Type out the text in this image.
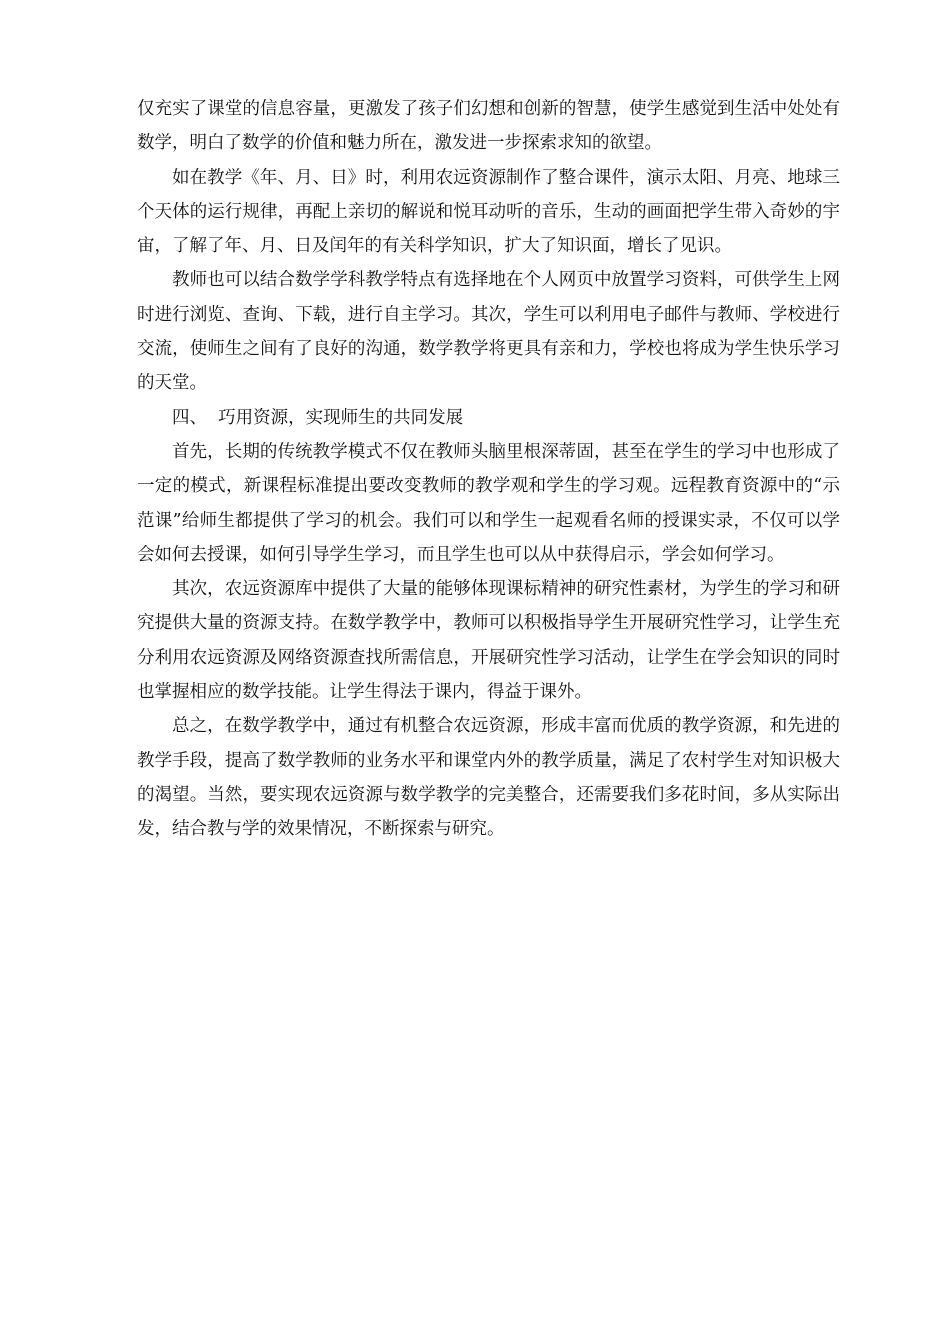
仅充实了课堂的信息容量，更激发了孩子们幻想和创新的智慧，使学生感觉到生活中处处有数学，明白了数学的价值和魅力所在，激发进一步探索求知的欲望。

如在教学《年、月、日》时，利用农远资源制作了整合课件，演示太阳、月亮、地球三个天体的运行规律，再配上亲切的解说和悦耳动听的音乐，生动的画面把学生带入奇妙的宇宙，了解了年、月、日及闰年的有关科学知识，扩大了知识面，增长了见识。

教师也可以结合数学学科教学特点有选择地在个人网页中放置学习资料，可供学生上网时进行浏览、查询、下载，进行自主学习。其次，学生可以利用电子邮件与教师、学校进行交流，使师生之间有了良好的沟通，数学教学将更具有亲和力，学校也将成为学生快乐学习的天堂。

四、  巧用资源，实现师生的共同发展

首先，长期的传统教学模式不仅在教师头脑里根深蒂固，甚至在学生的学习中也形成了一定的模式，新课程标准提出要改变教师的教学观和学生的学习观。远程教育资源中的“示范课”给师生都提供了学习的机会。我们可以和学生一起观看名师的授课实录，不仅可以学会如何去授课，如何引导学生学习，而且学生也可以从中获得启示，学会如何学习。

其次，农远资源库中提供了大量的能够体现课标精神的研究性素材，为学生的学习和研究提供大量的资源支持。在数学教学中，教师可以积极指导学生开展研究性学习，让学生充分利用农远资源及网络资源查找所需信息，开展研究性学习活动，让学生在学会知识的同时也掌握相应的数学技能。让学生得法于课内，得益于课外。

总之，在数学教学中，通过有机整合农远资源，形成丰富而优质的教学资源，和先进的教学手段，提高了数学教师的业务水平和课堂内外的教学质量，满足了农村学生对知识极大的渴望。当然，要实现农远资源与数学教学的完美整合，还需要我们多花时间，多从实际出发，结合教与学的效果情况，不断探索与研究。
